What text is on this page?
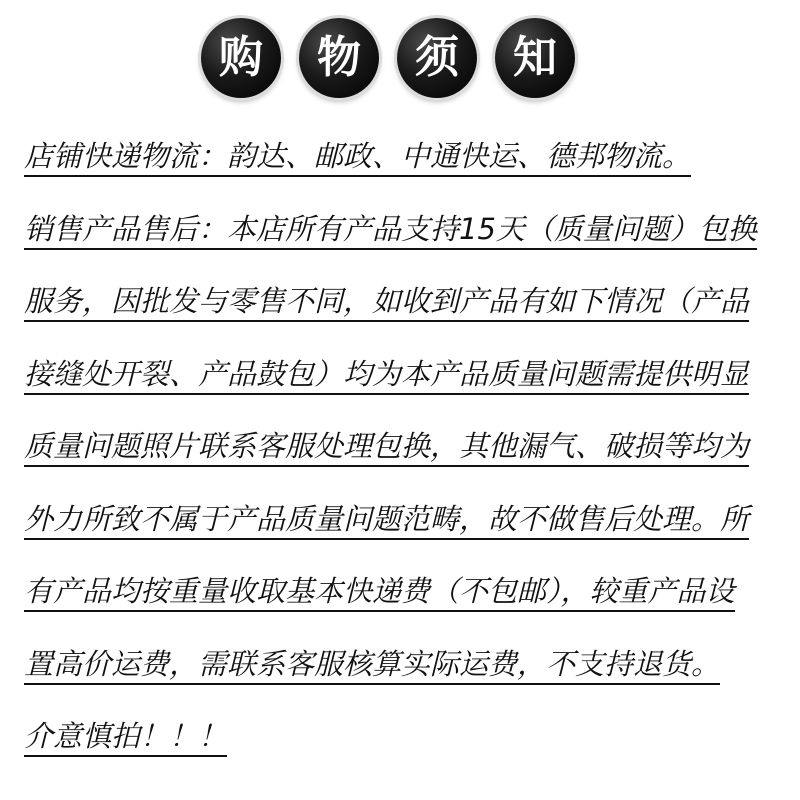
购	物	须	知
店铺快递物流：韵达、邮政、中通快运、德邦物流。
销售产品售后：本店所有产品支持15天（质量问题）包换
服务，因批发与零售不同，如收到产品有如下情况（产品
接缝处开裂、产品鼓包）均为本产品质量问题需提供明显
质量问题照片联系客服处理包换，其他漏气、破损等均为
外力所致不属于产品质量问题范畴，故不做售后处理。所
有产品均按重量收取基本快递费（不包邮），较重产品设
置高价运费，需联系客服核算实际运费，不支持退货。
介意慎拍！！！
